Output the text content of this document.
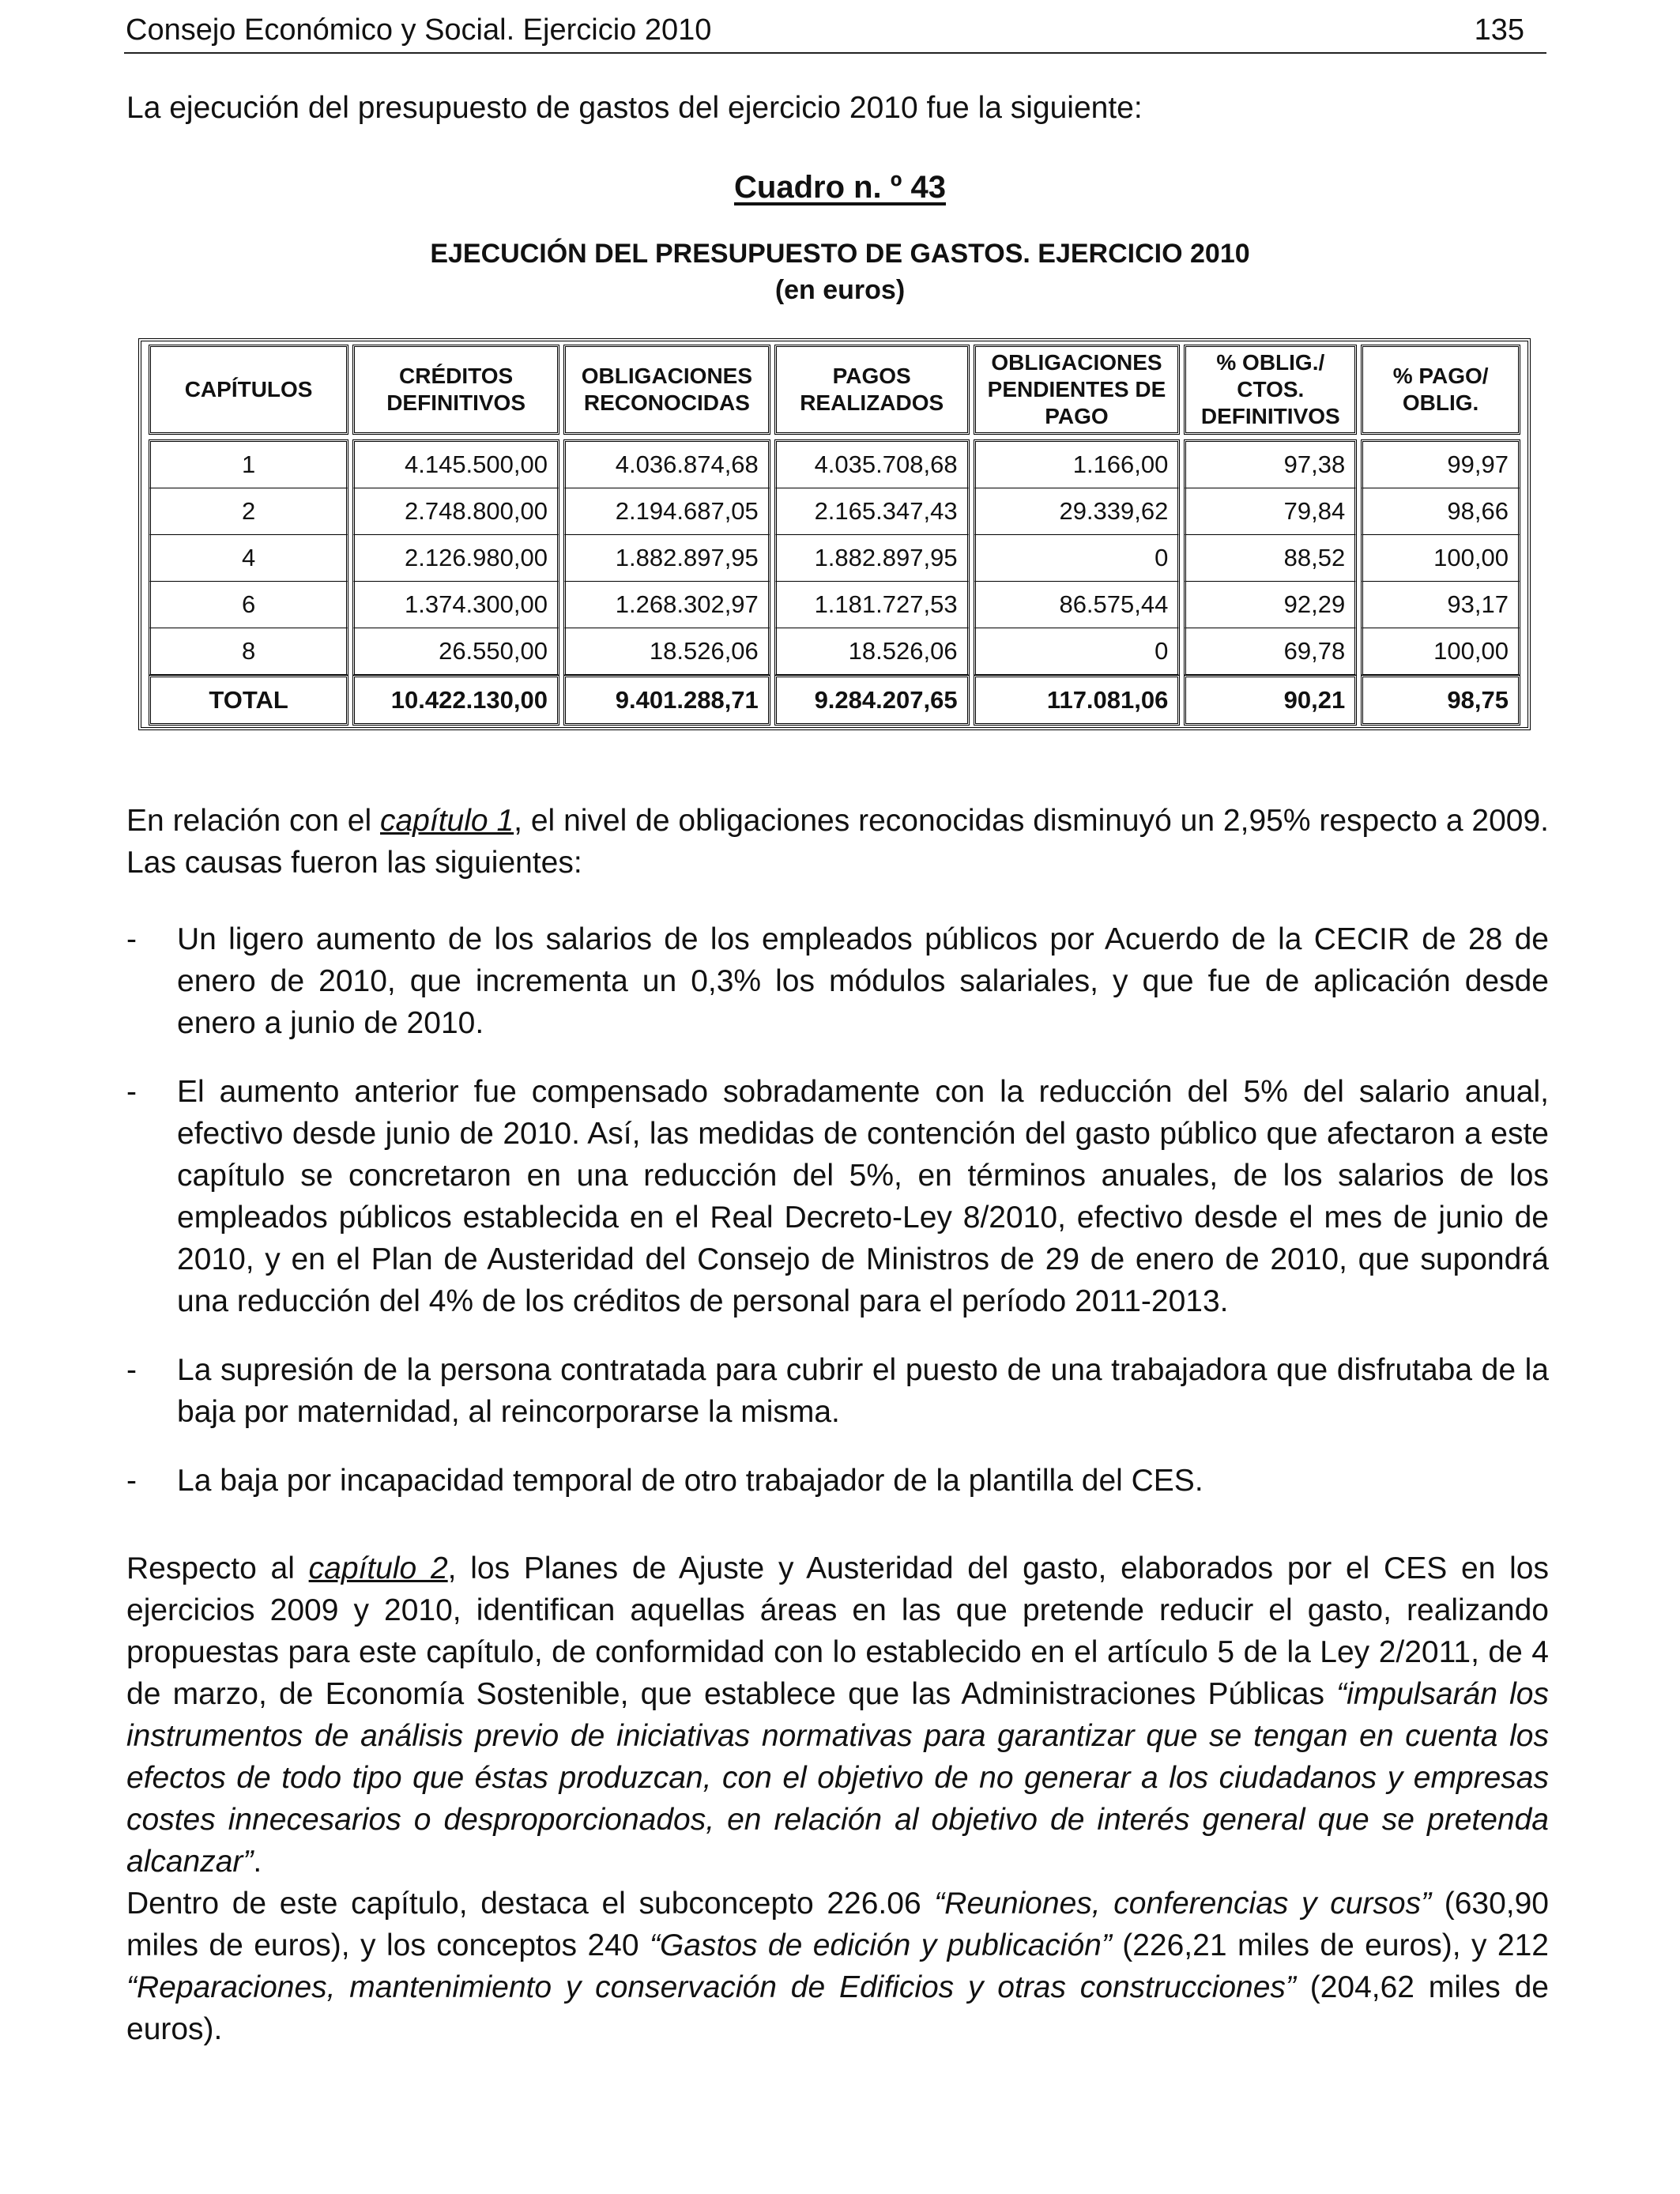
Consejo Económico y Social. Ejercicio 2010	135
La ejecución del presupuesto de gastos del ejercicio 2010 fue la siguiente:
Cuadro n. º 43
EJECUCIÓN DEL PRESUPUESTO DE GASTOS. EJERCICIO 2010
(en euros)
CAPÍTULOS	CRÉDITOS DEFINITIVOS	OBLIGACIONES RECONOCIDAS	PAGOS REALIZADOS	OBLIGACIONES PENDIENTES DE PAGO	% OBLIG./ CTOS. DEFINITIVOS	% PAGO/ OBLIG.

1	4.145.500,00	4.036.874,68	4.035.708,68	1.166,00	97,38	99,97
2	2.748.800,00	2.194.687,05	2.165.347,43	29.339,62	79,84	98,66
4	2.126.980,00	1.882.897,95	1.882.897,95	0	88,52	100,00
6	1.374.300,00	1.268.302,97	1.181.727,53	86.575,44	92,29	93,17
8	26.550,00	18.526,06	18.526,06	0	69,78	100,00
TOTAL	10.422.130,00	9.401.288,71	9.284.207,65	117.081,06	90,21	98,75

En relación con el capítulo 1, el nivel de obligaciones reconocidas disminuyó un 2,95% respecto a 2009. Las causas fueron las siguientes:

- Un ligero aumento de los salarios de los empleados públicos por Acuerdo de la CECIR de 28 de enero de 2010, que incrementa un 0,3% los módulos salariales, y que fue de aplicación desde enero a junio de 2010.
- El aumento anterior fue compensado sobradamente con la reducción del 5% del salario anual, efectivo desde junio de 2010. Así, las medidas de contención del gasto público que afectaron a este capítulo se concretaron en una reducción del 5%, en términos anuales, de los salarios de los empleados públicos establecida en el Real Decreto-Ley 8/2010, efectivo desde el mes de junio de 2010, y en el Plan de Austeridad del Consejo de Ministros de 29 de enero de 2010, que supondrá una reducción del 4% de los créditos de personal para el período 2011-2013.
- La supresión de la persona contratada para cubrir el puesto de una trabajadora que disfrutaba de la baja por maternidad, al reincorporarse la misma.
- La baja por incapacidad temporal de otro trabajador de la plantilla del CES.

Respecto al capítulo 2, los Planes de Ajuste y Austeridad del gasto, elaborados por el CES en los ejercicios 2009 y 2010, identifican aquellas áreas en las que pretende reducir el gasto, realizando propuestas para este capítulo, de conformidad con lo establecido en el artículo 5 de la Ley 2/2011, de 4 de marzo, de Economía Sostenible, que establece que las Administraciones Públicas “impulsarán los instrumentos de análisis previo de iniciativas normativas para garantizar que se tengan en cuenta los efectos de todo tipo que éstas produzcan, con el objetivo de no generar a los ciudadanos y empresas costes innecesarios o desproporcionados, en relación al objetivo de interés general que se pretenda alcanzar”.

Dentro de este capítulo, destaca el subconcepto 226.06 “Reuniones, conferencias y cursos” (630,90 miles de euros), y los conceptos 240 “Gastos de edición y publicación” (226,21 miles de euros), y 212 “Reparaciones, mantenimiento y conservación de Edificios y otras construcciones” (204,62 miles de euros).
